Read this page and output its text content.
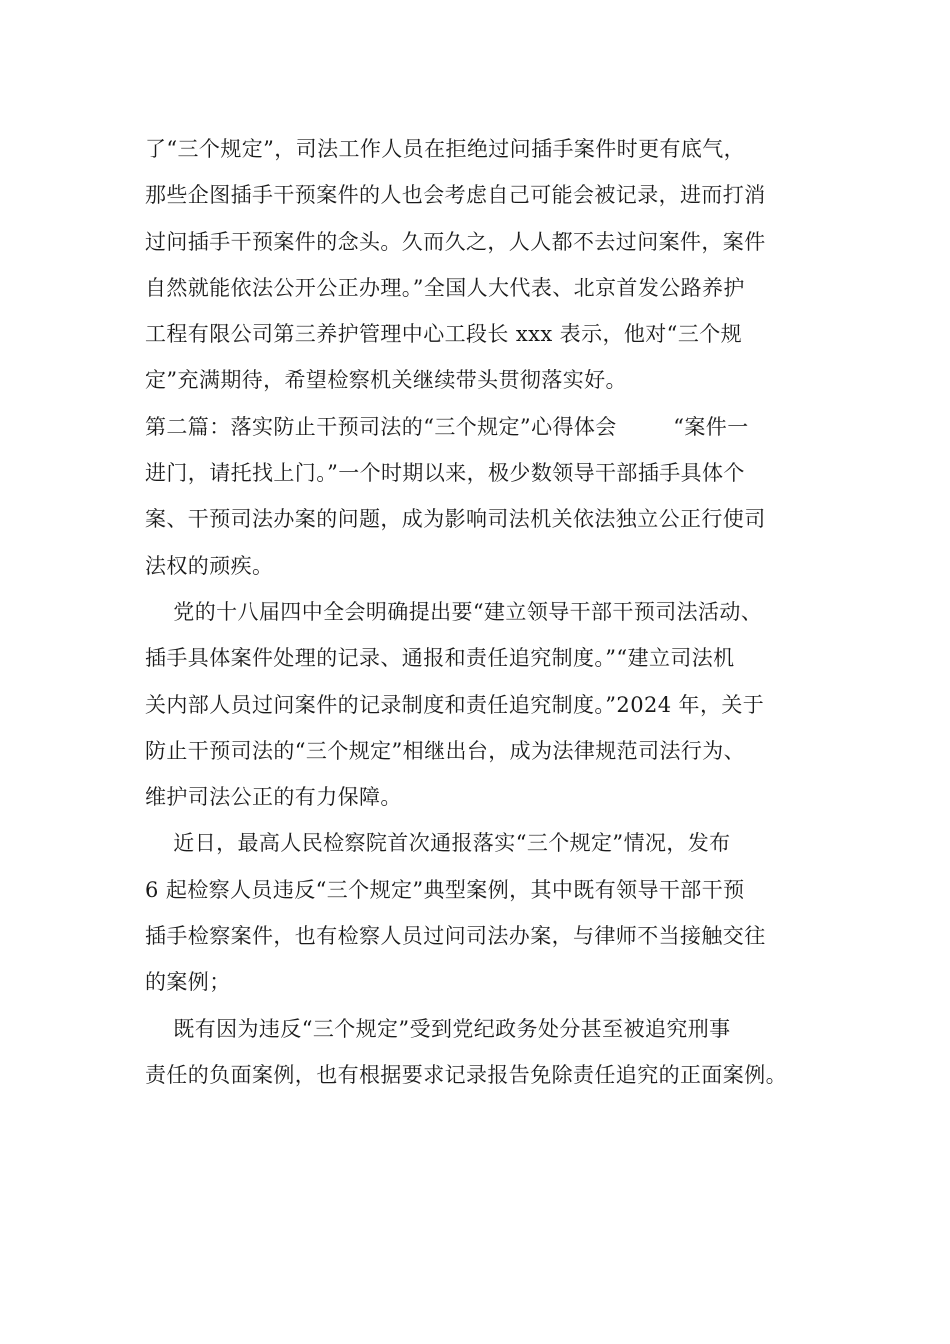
了“三个规定”，司法工作人员在拒绝过问插手案件时更有底气，
那些企图插手干预案件的人也会考虑自己可能会被记录，进而打消
过问插手干预案件的念头。久而久之，人人都不去过问案件，案件
自然就能依法公开公正办理。”全国人大代表、北京首发公路养护
工程有限公司第三养护管理中心工段长 xxx 表示，他对“三个规
定”充满期待，希望检察机关继续带头贯彻落实好。
第二篇：落实防止干预司法的“三个规定”心得体会        “案件一
进门，请托找上门。”一个时期以来，极少数领导干部插手具体个
案、干预司法办案的问题，成为影响司法机关依法独立公正行使司
法权的顽疾。
党的十八届四中全会明确提出要“建立领导干部干预司法活动、
插手具体案件处理的记录、通报和责任追究制度。”“建立司法机
关内部人员过问案件的记录制度和责任追究制度。”2024 年，关于
防止干预司法的“三个规定”相继出台，成为法律规范司法行为、
维护司法公正的有力保障。
近日，最高人民检察院首次通报落实“三个规定”情况，发布
6 起检察人员违反“三个规定”典型案例，其中既有领导干部干预
插手检察案件，也有检察人员过问司法办案，与律师不当接触交往
的案例；
既有因为违反“三个规定”受到党纪政务处分甚至被追究刑事
责任的负面案例，也有根据要求记录报告免除责任追究的正面案例。
